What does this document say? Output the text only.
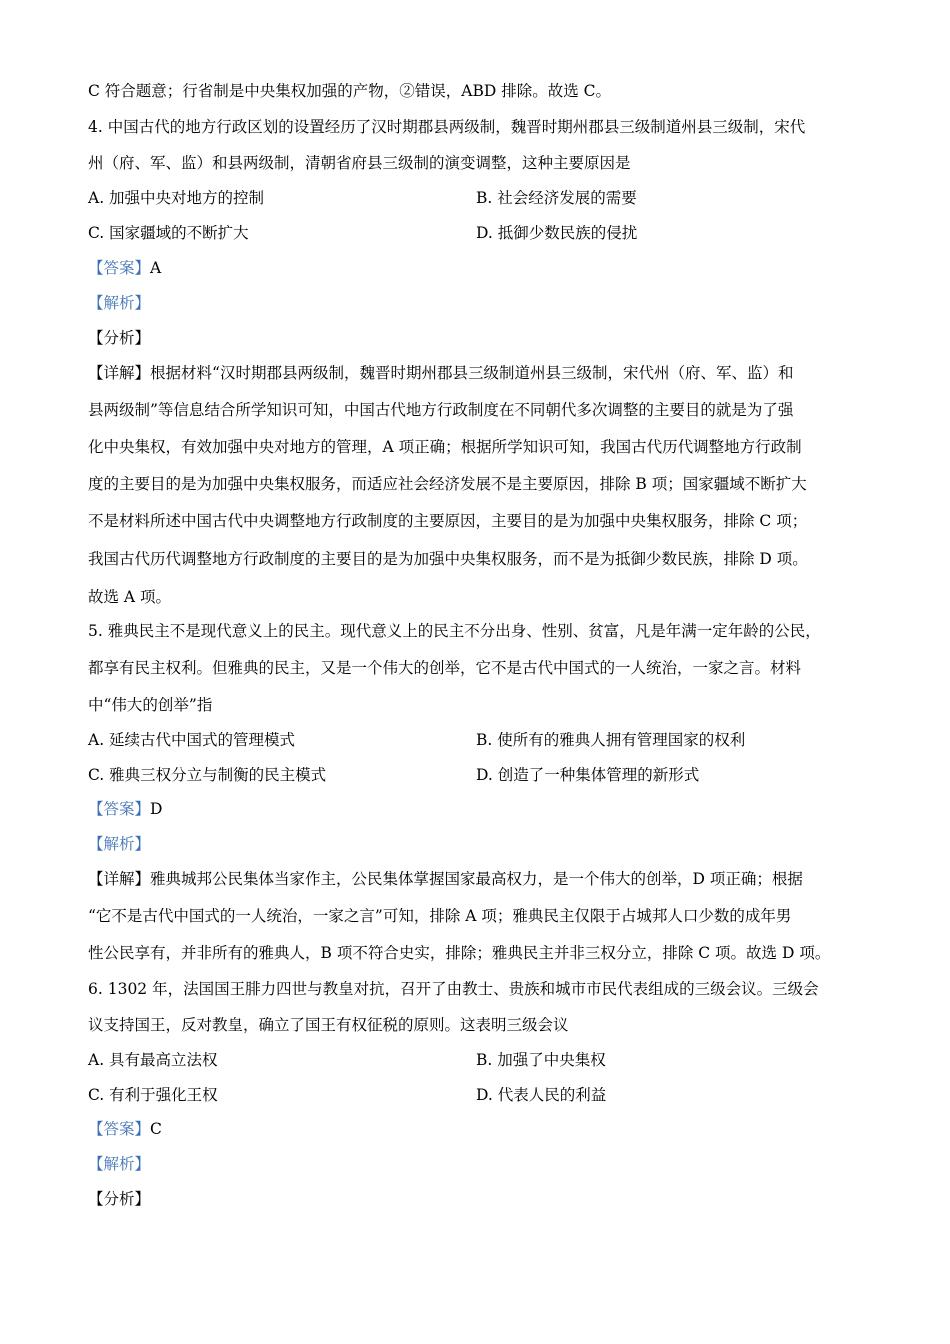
C 符合题意；行省制是中央集权加强的产物，②错误，ABD 排除。故选 C。
4. 中国古代的地方行政区划的设置经历了汉时期郡县两级制，魏晋时期州郡县三级制道州县三级制，宋代
州（府、军、监）和县两级制，清朝省府县三级制的演变调整，这种主要原因是
A. 加强中央对地方的控制	B. 社会经济发展的需要
C. 国家疆域的不断扩大	D. 抵御少数民族的侵扰
【答案】A
【解析】
【分析】
【详解】根据材料“汉时期郡县两级制，魏晋时期州郡县三级制道州县三级制，宋代州（府、军、监）和
县两级制”等信息结合所学知识可知，中国古代地方行政制度在不同朝代多次调整的主要目的就是为了强
化中央集权，有效加强中央对地方的管理，A 项正确；根据所学知识可知，我国古代历代调整地方行政制
度的主要目的是为加强中央集权服务，而适应社会经济发展不是主要原因，排除 B 项；国家疆域不断扩大
不是材料所述中国古代中央调整地方行政制度的主要原因，主要目的是为加强中央集权服务，排除 C 项；
我国古代历代调整地方行政制度的主要目的是为加强中央集权服务，而不是为抵御少数民族，排除 D 项。
故选 A 项。
5. 雅典民主不是现代意义上的民主。现代意义上的民主不分出身、性别、贫富，凡是年满一定年龄的公民，
都享有民主权利。但雅典的民主，又是一个伟大的创举，它不是古代中国式的一人统治，一家之言。材料
中“伟大的创举”指
A. 延续古代中国式的管理模式	B. 使所有的雅典人拥有管理国家的权利
C. 雅典三权分立与制衡的民主模式	D. 创造了一种集体管理的新形式
【答案】D
【解析】
【详解】雅典城邦公民集体当家作主，公民集体掌握国家最高权力，是一个伟大的创举，D 项正确；根据
“它不是古代中国式的一人统治，一家之言”可知，排除 A 项；雅典民主仅限于占城邦人口少数的成年男
性公民享有，并非所有的雅典人，B 项不符合史实，排除；雅典民主并非三权分立，排除 C 项。故选 D 项。
6. 1302 年，法国国王腓力四世与教皇对抗，召开了由教士、贵族和城市市民代表组成的三级会议。三级会
议支持国王，反对教皇，确立了国王有权征税的原则。这表明三级会议
A. 具有最高立法权	B. 加强了中央集权
C. 有利于强化王权	D. 代表人民的利益
【答案】C
【解析】
【分析】
